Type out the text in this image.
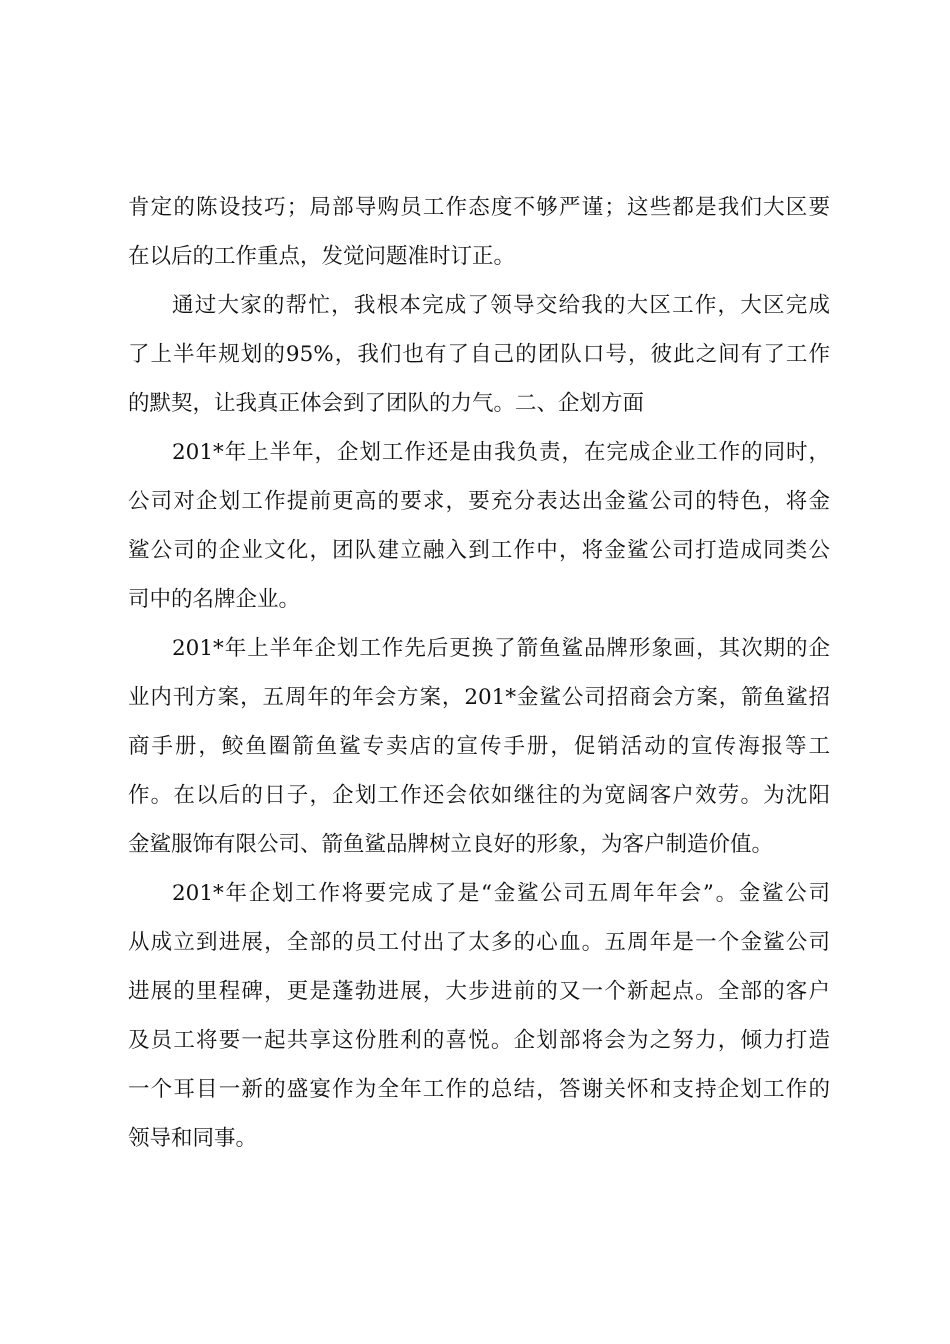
肯定的陈设技巧；局部导购员工作态度不够严谨；这些都是我们大区要
在以后的工作重点，发觉问题准时订正。
通过大家的帮忙，我根本完成了领导交给我的大区工作，大区完成
了上半年规划的95%，我们也有了自己的团队口号，彼此之间有了工作
的默契，让我真正体会到了团队的力气。二、企划方面
201*年上半年，企划工作还是由我负责，在完成企业工作的同时，
公司对企划工作提前更高的要求，要充分表达出金鲨公司的特色，将金
鲨公司的企业文化，团队建立融入到工作中，将金鲨公司打造成同类公
司中的名牌企业。
201*年上半年企划工作先后更换了箭鱼鲨品牌形象画，其次期的企
业内刊方案，五周年的年会方案，201*金鲨公司招商会方案，箭鱼鲨招
商手册，鲛鱼圈箭鱼鲨专卖店的宣传手册，促销活动的宣传海报等工
作。在以后的日子，企划工作还会依如继往的为宽阔客户效劳。为沈阳
金鲨服饰有限公司、箭鱼鲨品牌树立良好的形象，为客户制造价值。
201*年企划工作将要完成了是“金鲨公司五周年年会”。金鲨公司
从成立到进展，全部的员工付出了太多的心血。五周年是一个金鲨公司
进展的里程碑，更是蓬勃进展，大步进前的又一个新起点。全部的客户
及员工将要一起共享这份胜利的喜悦。企划部将会为之努力，倾力打造
一个耳目一新的盛宴作为全年工作的总结，答谢关怀和支持企划工作的
领导和同事。
